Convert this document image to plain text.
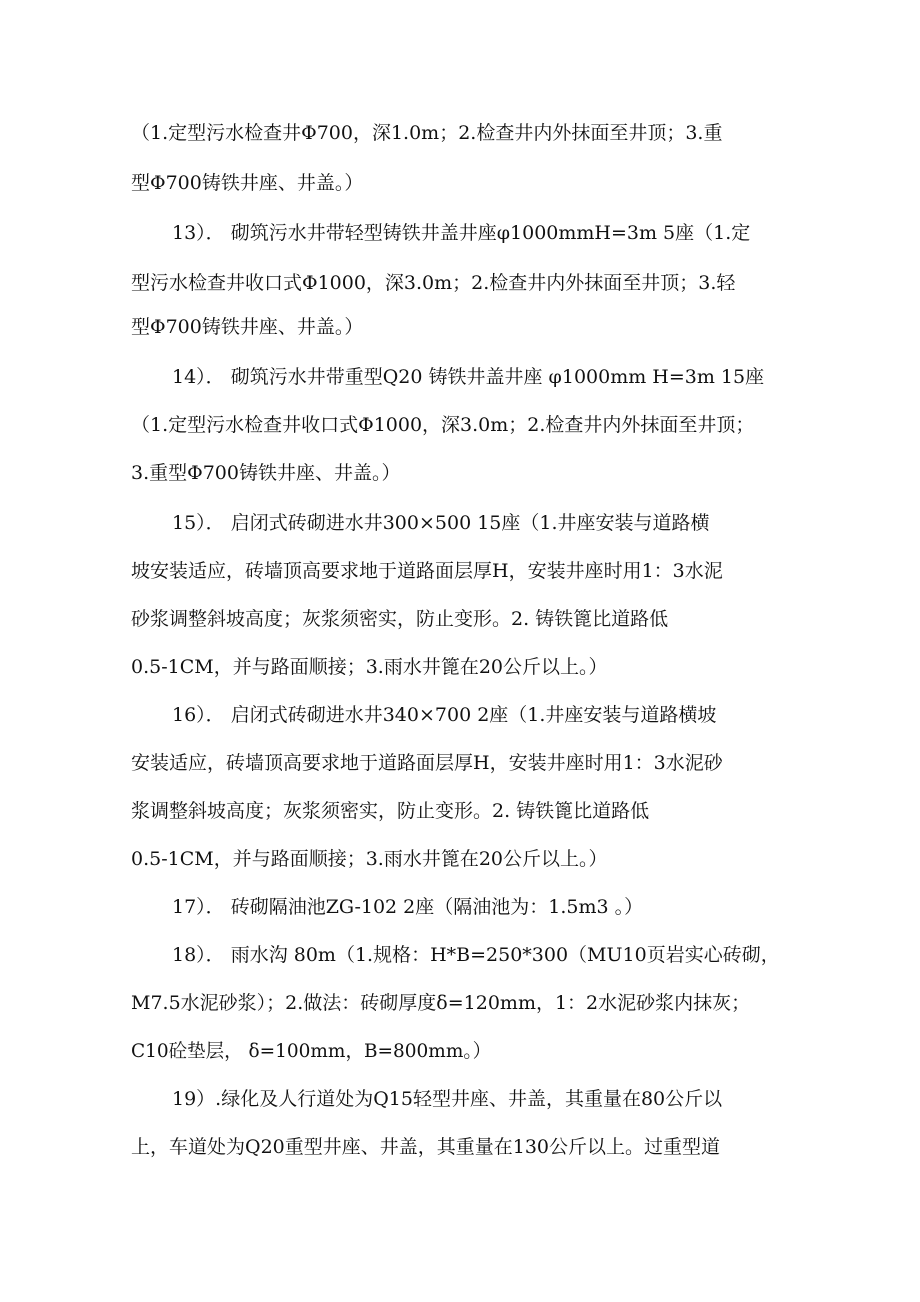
（1.定型污水检查井Φ700，深1.0m；2.检查井内外抹面至井顶；3.重
型Φ700铸铁井座、井盖。）
13）． 砌筑污水井带轻型铸铁井盖井座φ1000mmH=3m 5座（1.定
型污水检查井收口式Φ1000，深3.0m；2.检查井内外抹面至井顶；3.轻
型Φ700铸铁井座、井盖。）
14）． 砌筑污水井带重型Q20 铸铁井盖井座 φ1000mm H=3m 15座
（1.定型污水检查井收口式Φ1000，深3.0m；2.检查井内外抹面至井顶；
3.重型Φ700铸铁井座、井盖。）
15）． 启闭式砖砌进水井300×500 15座（1.井座安装与道路横
坡安装适应，砖墙顶高要求地于道路面层厚H，安装井座时用1：3水泥
砂浆调整斜坡高度；灰浆须密实，防止变形。2. 铸铁篦比道路低
0.5-1CM，并与路面顺接；3.雨水井篦在20公斤以上。）
16）． 启闭式砖砌进水井340×700 2座（1.井座安装与道路横坡
安装适应，砖墙顶高要求地于道路面层厚H，安装井座时用1：3水泥砂
浆调整斜坡高度；灰浆须密实，防止变形。2. 铸铁篦比道路低
0.5-1CM，并与路面顺接；3.雨水井篦在20公斤以上。）
17）． 砖砌隔油池ZG-102 2座（隔油池为：1.5m3 。）
18）． 雨水沟 80m（1.规格：H*B=250*300（MU10页岩实心砖砌，
M7.5水泥砂浆）；2.做法：砖砌厚度δ=120mm，1：2水泥砂浆内抹灰；
C10砼垫层， δ=100mm，B=800mm。）
19）.绿化及人行道处为Q15轻型井座、井盖，其重量在80公斤以
上，车道处为Q20重型井座、井盖，其重量在130公斤以上。过重型道
